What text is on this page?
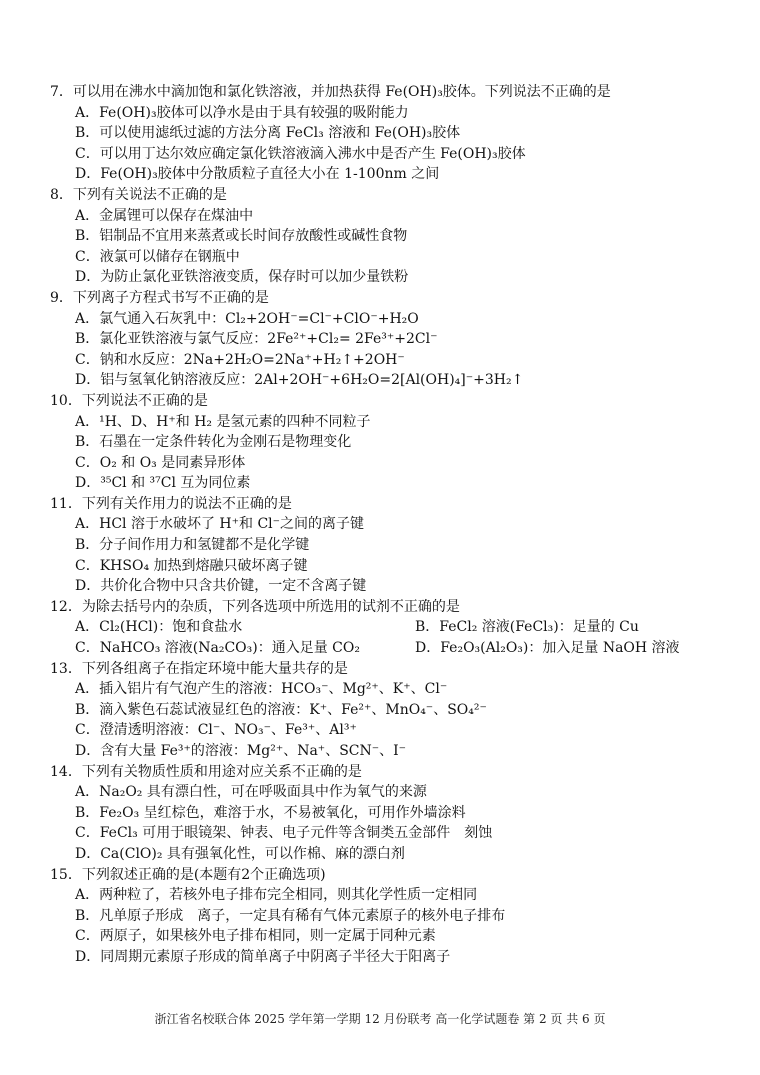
7．可以用在沸水中滴加饱和氯化铁溶液，并加热获得 Fe(OH)₃胶体。下列说法不正确的是
A．Fe(OH)₃胶体可以净水是由于具有较强的吸附能力
B．可以使用滤纸过滤的方法分离 FeCl₃ 溶液和 Fe(OH)₃胶体
C．可以用丁达尔效应确定氯化铁溶液滴入沸水中是否产生 Fe(OH)₃胶体
D．Fe(OH)₃胶体中分散质粒子直径大小在 1-100nm 之间
8．下列有关说法不正确的是
A．金属锂可以保存在煤油中
B．铝制品不宜用来蒸煮或长时间存放酸性或碱性食物
C．液氯可以储存在钢瓶中
D．为防止氯化亚铁溶液变质，保存时可以加少量铁粉
9．下列离子方程式书写不正确的是
A．氯气通入石灰乳中：Cl₂+2OH⁻=Cl⁻+ClO⁻+H₂O
B．氯化亚铁溶液与氯气反应：2Fe²⁺+Cl₂= 2Fe³⁺+2Cl⁻
C．钠和水反应：2Na+2H₂O=2Na⁺+H₂↑+2OH⁻
D．铝与氢氧化钠溶液反应：2Al+2OH⁻+6H₂O=2[Al(OH)₄]⁻+3H₂↑
10．下列说法不正确的是
A．¹H、D、H⁺和 H₂ 是氢元素的四种不同粒子
B．石墨在一定条件转化为金刚石是物理变化
C．O₂ 和 O₃ 是同素异形体
D．³⁵Cl 和 ³⁷Cl 互为同位素
11．下列有关作用力的说法不正确的是
A．HCl 溶于水破坏了 H⁺和 Cl⁻之间的离子键
B．分子间作用力和氢键都不是化学键
C．KHSO₄ 加热到熔融只破坏离子键
D．共价化合物中只含共价键，一定不含离子键
12．为除去括号内的杂质，下列各选项中所选用的试剂不正确的是
A．Cl₂(HCl)：饱和食盐水	B．FeCl₂ 溶液(FeCl₃)：足量的 Cu
C．NaHCO₃ 溶液(Na₂CO₃)：通入足量 CO₂	D．Fe₂O₃(Al₂O₃)：加入足量 NaOH 溶液
13．下列各组离子在指定环境中能大量共存的是
A．插入铝片有气泡产生的溶液：HCO₃⁻、Mg²⁺、K⁺、Cl⁻
B．滴入紫色石蕊试液显红色的溶液：K⁺、Fe²⁺、MnO₄⁻、SO₄²⁻
C．澄清透明溶液：Cl⁻、NO₃⁻、Fe³⁺、Al³⁺
D．含有大量 Fe³⁺的溶液：Mg²⁺、Na⁺、SCN⁻、I⁻
14．下列有关物质性质和用途对应关系不正确的是
A．Na₂O₂ 具有漂白性，可在呼吸面具中作为氧气的来源
B．Fe₂O₃ 呈红棕色，难溶于水，不易被氧化，可用作外墙涂料
C．FeCl₃ 可用于眼镜架、钟表、电子元件等含铜类五金部件　刻蚀
D．Ca(ClO)₂ 具有强氧化性，可以作棉、麻的漂白剂
15．下列叙述正确的是(本题有2个正确选项)
A．两种粒了，若核外电子排布完全相同，则其化学性质一定相同
B．凡单原子形成　离子，一定具有稀有气体元素原子的核外电子排布
C．两原子，如果核外电子排布相同，则一定属于同种元素
D．同周期元素原子形成的简单离子中阴离子半径大于阳离子
浙江省名校联合体 2025 学年第一学期 12 月份联考 高一化学试题卷 第 2 页 共 6 页
